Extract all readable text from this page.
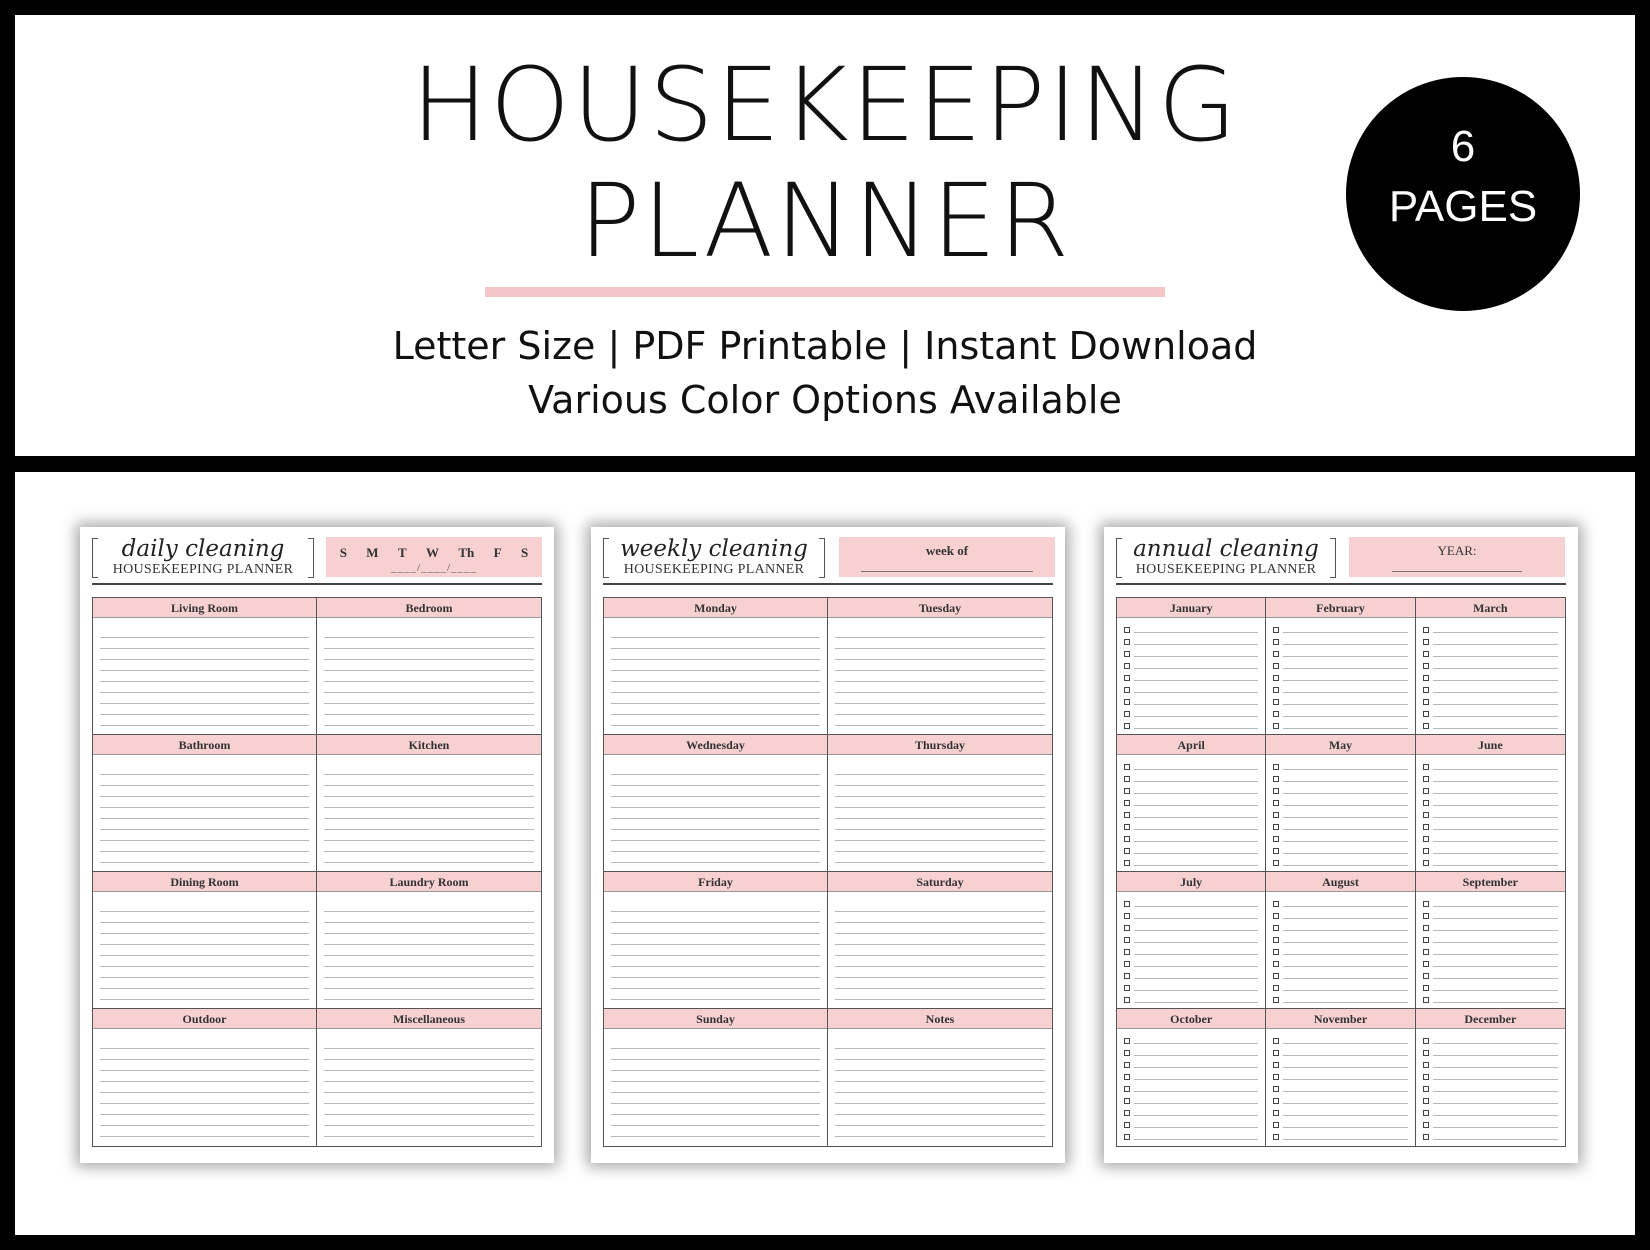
HOUSEKEEPING
PLANNER
Letter Size | PDF Printable | Instant Download
Various Color Options Available
6
PAGES
daily cleaning
HOUSEKEEPING PLANNER
S M T W Th F S
____/____/____
Living Room	Bedroom
Bathroom	Kitchen
Dining Room	Laundry Room
Outdoor	Miscellaneous
weekly cleaning
HOUSEKEEPING PLANNER
week of
Monday	Tuesday
Wednesday	Thursday
Friday	Saturday
Sunday	Notes
annual cleaning
HOUSEKEEPING PLANNER
YEAR:
January	February	March
April	May	June
July	August	September
October	November	December
